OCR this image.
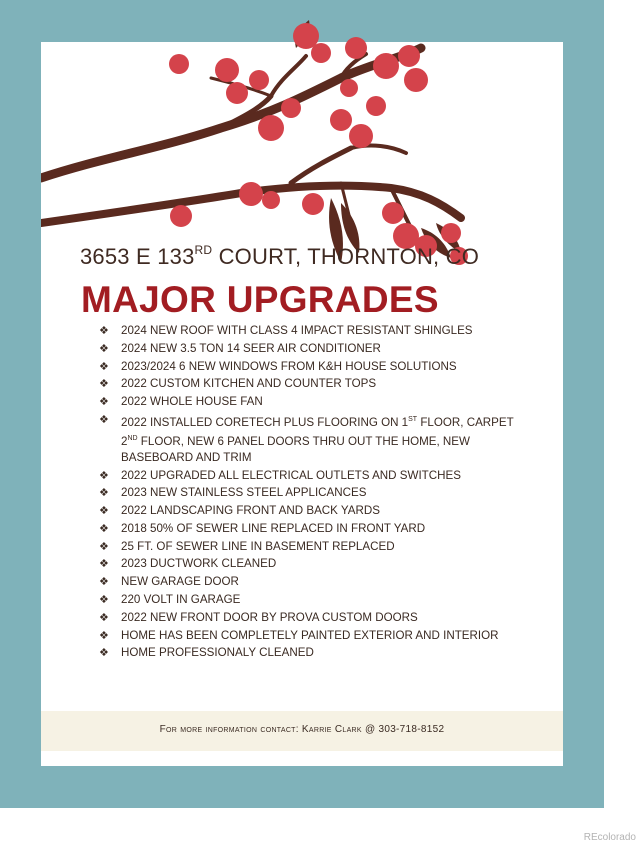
3653 E 133RD COURT, THORNTON, CO
MAJOR UPGRADES
❖ 2024 NEW ROOF WITH CLASS 4 IMPACT RESISTANT SHINGLES
❖ 2024 NEW 3.5 TON 14 SEER AIR CONDITIONER
❖ 2023/2024 6 NEW WINDOWS FROM K&H HOUSE SOLUTIONS
❖ 2022 CUSTOM KITCHEN AND COUNTER TOPS
❖ 2022 WHOLE HOUSE FAN
❖ 2022 INSTALLED CORETECH PLUS FLOORING ON 1ST FLOOR, CARPET 2ND FLOOR, NEW 6 PANEL DOORS THRU OUT THE HOME, NEW BASEBOARD AND TRIM
❖ 2022 UPGRADED ALL ELECTRICAL OUTLETS AND SWITCHES
❖ 2023 NEW STAINLESS STEEL APPLICANCES
❖ 2022 LANDSCAPING FRONT AND BACK YARDS
❖ 2018 50% OF SEWER LINE REPLACED IN FRONT YARD
❖ 25 FT. OF SEWER LINE IN BASEMENT REPLACED
❖ 2023 DUCTWORK CLEANED
❖ NEW GARAGE DOOR
❖ 220 VOLT IN GARAGE
❖ 2022 NEW FRONT DOOR BY PROVA CUSTOM DOORS
❖ HOME HAS BEEN COMPLETELY PAINTED EXTERIOR AND INTERIOR
❖ HOME PROFESSIONALY CLEANED
For more information contact: Karrie Clark @ 303-718-8152
REcolorado
